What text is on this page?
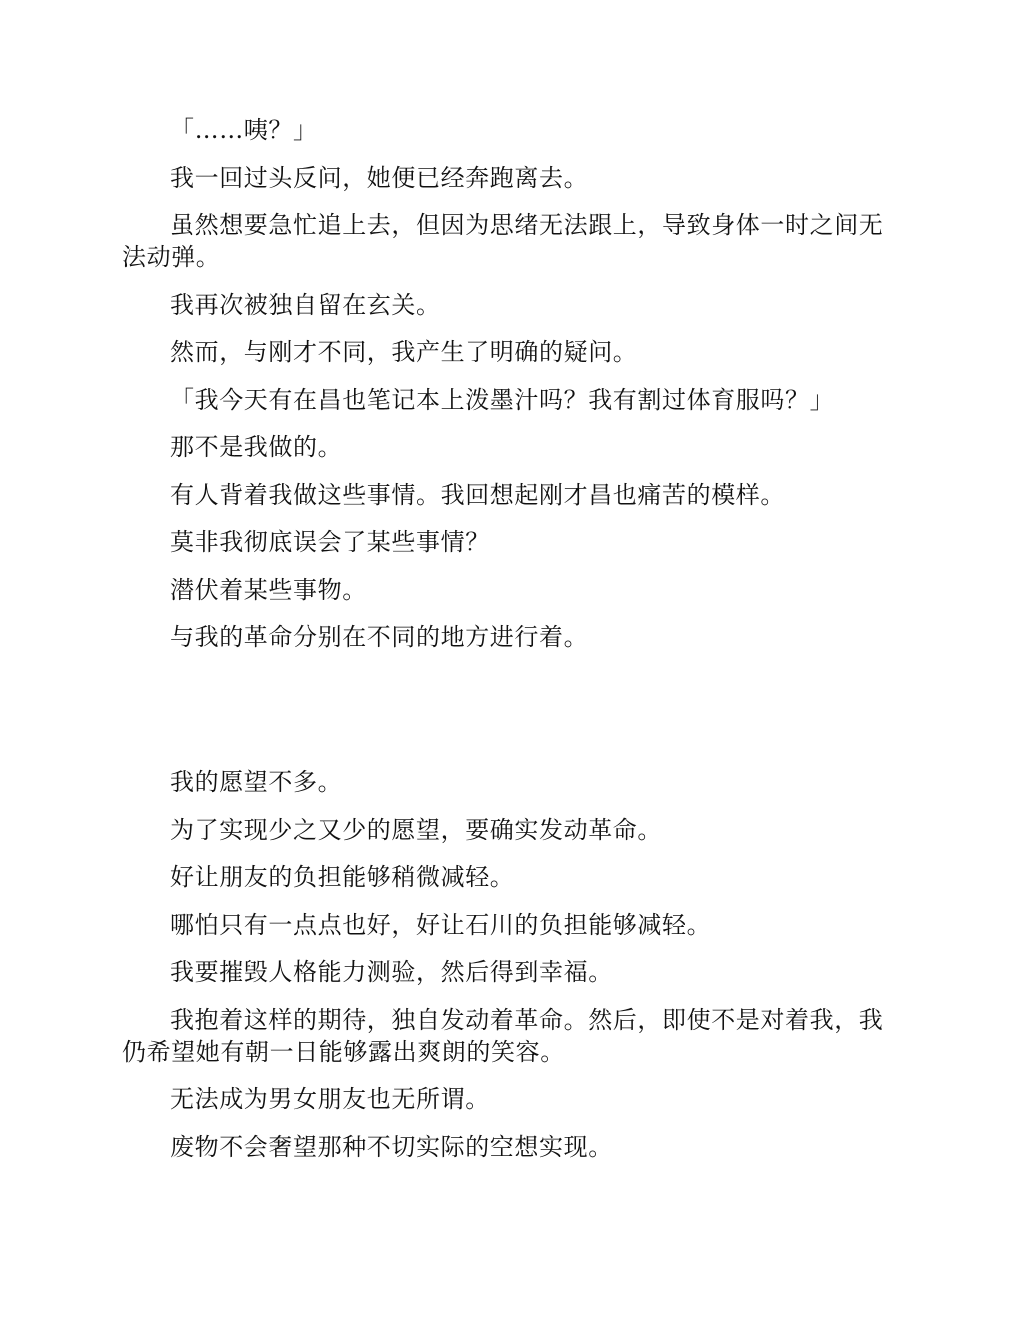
「……咦？」

我一回过头反问，她便已经奔跑离去。

虽然想要急忙追上去，但因为思绪无法跟上，导致身体一时之间无法动弹。

我再次被独自留在玄关。

然而，与刚才不同，我产生了明确的疑问。

「我今天有在昌也笔记本上泼墨汁吗？我有割过体育服吗？」

那不是我做的。

有人背着我做这些事情。我回想起刚才昌也痛苦的模样。

莫非我彻底误会了某些事情？

潜伏着某些事物。

与我的革命分别在不同的地方进行着。

我的愿望不多。

为了实现少之又少的愿望，要确实发动革命。

好让朋友的负担能够稍微减轻。

哪怕只有一点点也好，好让石川的负担能够减轻。

我要摧毁人格能力测验，然后得到幸福。

我抱着这样的期待，独自发动着革命。然后，即使不是对着我，我仍希望她有朝一日能够露出爽朗的笑容。

无法成为男女朋友也无所谓。

废物不会奢望那种不切实际的空想实现。
